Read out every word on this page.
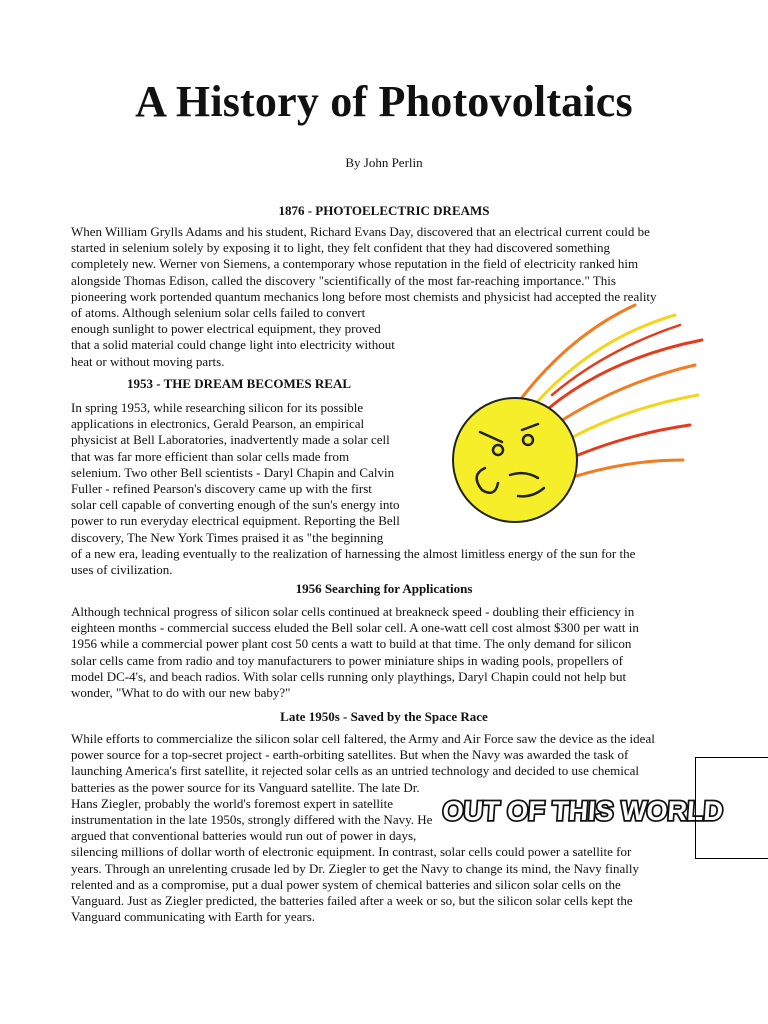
A History of Photovoltaics
By John Perlin
1876 - PHOTOELECTRIC DREAMS

When William Grylls Adams and his student, Richard Evans Day, discovered that an electrical current could be

started in selenium solely by exposing it to light, they felt confident that they had discovered something

completely new. Werner von Siemens, a contemporary whose reputation in the field of electricity ranked him

alongside Thomas Edison, called the discovery "scientifically of the most far-reaching importance." This

pioneering work portended quantum mechanics long before most chemists and physicist had accepted the reality

of atoms. Although selenium solar cells failed to convert

enough sunlight to power electrical equipment, they proved

that a solid material could change light into electricity without

heat or without moving parts.

1953 - THE DREAM BECOMES REAL

In spring 1953, while researching silicon for its possible

applications in electronics, Gerald Pearson, an empirical

physicist at Bell Laboratories, inadvertently made a solar cell

that was far more efficient than solar cells made from

selenium. Two other Bell scientists - Daryl Chapin and Calvin

Fuller - refined Pearson's discovery came up with the first

solar cell capable of converting enough of the sun's energy into

power to run everyday electrical equipment. Reporting the Bell

discovery, The New York Times praised it as "the beginning

of a new era, leading eventually to the realization of harnessing the almost limitless energy of the sun for the

uses of civilization.

1956 Searching for Applications

Although technical progress of silicon solar cells continued at breakneck speed - doubling their efficiency in

eighteen months - commercial success eluded the Bell solar cell. A one-watt cell cost almost $300 per watt in

1956 while a commercial power plant cost 50 cents a watt to build at that time. The only demand for silicon

solar cells came from radio and toy manufacturers to power miniature ships in wading pools, propellers of

model DC-4's, and beach radios. With solar cells running only playthings, Daryl Chapin could not help but

wonder, "What to do with our new baby?"

Late 1950s - Saved by the Space Race

While efforts to commercialize the silicon solar cell faltered, the Army and Air Force saw the device as the ideal

power source for a top-secret project - earth-orbiting satellites. But when the Navy was awarded the task of

launching America's first satellite, it rejected solar cells as an untried technology and decided to use chemical

batteries as the power source for its Vanguard satellite. The late Dr.

Hans Ziegler, probably the world's foremost expert in satellite

instrumentation in the late 1950s, strongly differed with the Navy. He

argued that conventional batteries would run out of power in days,

silencing millions of dollar worth of electronic equipment. In contrast, solar cells could power a satellite for

years. Through an unrelenting crusade led by Dr. Ziegler to get the Navy to change its mind, the Navy finally

relented and as a compromise, put a dual power system of chemical batteries and silicon solar cells on the

Vanguard. Just as Ziegler predicted, the batteries failed after a week or so, but the silicon solar cells kept the

Vanguard communicating with Earth for years.

OUT OF THIS WORLD
